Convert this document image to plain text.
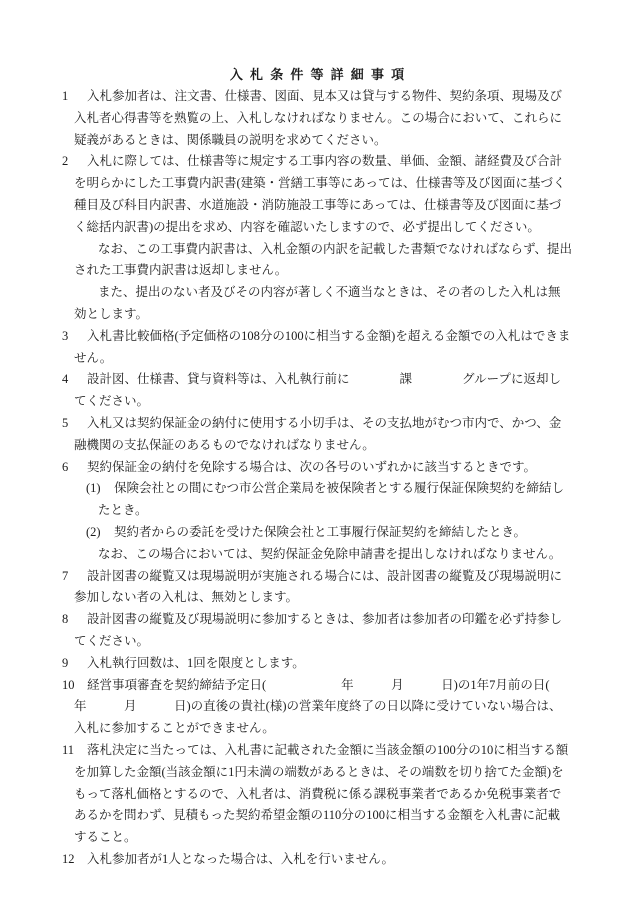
入札条件等詳細事項
1 入札参加者は、注文書、仕様書、図面、見本又は貸与する物件、契約条項、現場及び入札者心得書等を熟覧の上、入札しなければなりません。この場合において、これらに疑義があるときは、関係職員の説明を求めてください。
2 入札に際しては、仕様書等に規定する工事内容の数量、単価、金額、諸経費及び合計を明らかにした工事費内訳書(建築・営繕工事等にあっては、仕様書等及び図面に基づく種目及び科目内訳書、水道施設・消防施設工事等にあっては、仕様書等及び図面に基づく総括内訳書)の提出を求め、内容を確認いたしますので、必ず提出してください。
なお、この工事費内訳書は、入札金額の内訳を記載した書類でなければならず、提出された工事費内訳書は返却しません。
また、提出のない者及びその内容が著しく不適当なときは、その者のした入札は無効とします。
3 入札書比較価格(予定価格の108分の100に相当する金額)を超える金額での入札はできません。
4 設計図、仕様書、貸与資料等は、入札執行前に　　　　課　　　　グループに返却してください。
5 入札又は契約保証金の納付に使用する小切手は、その支払地がむつ市内で、かつ、金融機関の支払保証のあるものでなければなりません。
6 契約保証金の納付を免除する場合は、次の各号のいずれかに該当するときです。
(1) 保険会社との間にむつ市公営企業局を被保険者とする履行保証保険契約を締結したとき。
(2) 契約者からの委託を受けた保険会社と工事履行保証契約を締結したとき。
なお、この場合においては、契約保証金免除申請書を提出しなければなりません。
7 設計図書の縦覧又は現場説明が実施される場合には、設計図書の縦覧及び現場説明に参加しない者の入札は、無効とします。
8 設計図書の縦覧及び現場説明に参加するときは、参加者は参加者の印鑑を必ず持参してください。
9 入札執行回数は、1回を限度とします。
10 経営事項審査を契約締結予定日(　　　　　　年　　　月　　　日)の1年7月前の日(　　年　　　月　　　日)の直後の貴社(様)の営業年度終了の日以降に受けていない場合は、入札に参加することができません。
11 落札決定に当たっては、入札書に記載された金額に当該金額の100分の10に相当する額を加算した金額(当該金額に1円未満の端数があるときは、その端数を切り捨てた金額)をもって落札価格とするので、入札者は、消費税に係る課税事業者であるか免税事業者であるかを問わず、見積もった契約希望金額の110分の100に相当する金額を入札書に記載すること。
12 入札参加者が1人となった場合は、入札を行いません。
